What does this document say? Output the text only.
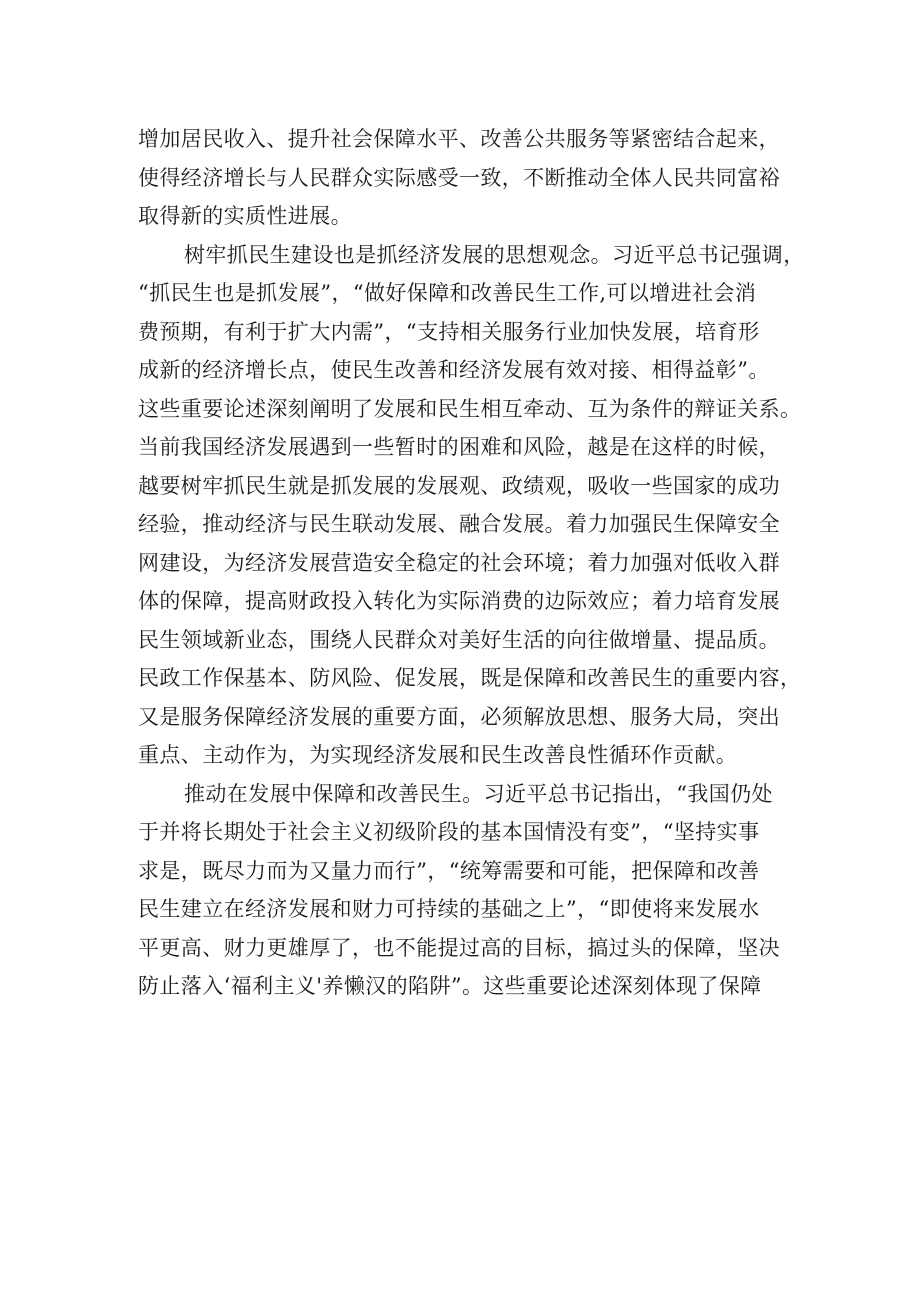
增加居民收入、提升社会保障水平、改善公共服务等紧密结合起来，
使得经济增长与人民群众实际感受一致，不断推动全体人民共同富裕
取得新的实质性进展。
树牢抓民生建设也是抓经济发展的思想观念。习近平总书记强调，
“抓民生也是抓发展”，“做好保障和改善民生工作,可以增进社会消
费预期，有利于扩大内需”，“支持相关服务行业加快发展，培育形
成新的经济增长点，使民生改善和经济发展有效对接、相得益彰”。
这些重要论述深刻阐明了发展和民生相互牵动、互为条件的辩证关系。
当前我国经济发展遇到一些暂时的困难和风险，越是在这样的时候，
越要树牢抓民生就是抓发展的发展观、政绩观，吸收一些国家的成功
经验，推动经济与民生联动发展、融合发展。着力加强民生保障安全
网建设，为经济发展营造安全稳定的社会环境；着力加强对低收入群
体的保障，提高财政投入转化为实际消费的边际效应；着力培育发展
民生领域新业态，围绕人民群众对美好生活的向往做增量、提品质。
民政工作保基本、防风险、促发展，既是保障和改善民生的重要内容，
又是服务保障经济发展的重要方面，必须解放思想、服务大局，突出
重点、主动作为，为实现经济发展和民生改善良性循环作贡献。
推动在发展中保障和改善民生。习近平总书记指出，“我国仍处
于并将长期处于社会主义初级阶段的基本国情没有变”，“坚持实事
求是，既尽力而为又量力而行”，“统筹需要和可能，把保障和改善
民生建立在经济发展和财力可持续的基础之上”，“即使将来发展水
平更高、财力更雄厚了，也不能提过高的目标，搞过头的保障，坚决
防止落入‘福利主义'养懒汉的陷阱”。这些重要论述深刻体现了保障
